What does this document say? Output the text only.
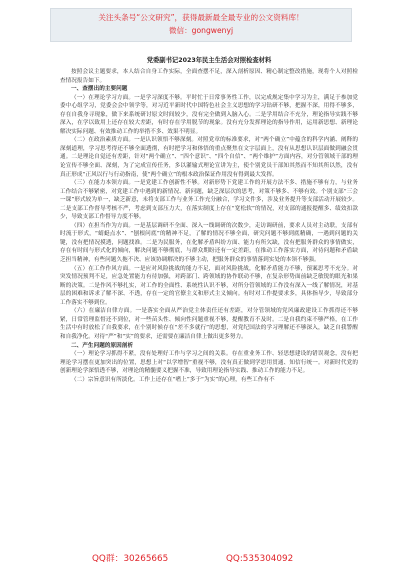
关注头条号“公文研究”，获得最新最全最专业的公文资料库！
微信：gongwenyj
党委副书记2023年民主生活会对照检查材料

按照会议主题要求，本人结合自身工作实际，全面查摆不足，深入剖析原因、精心制定整改措施，现将个人对照检查情况报告如下。

一、查摆出的主要问题

（一）在理论学习方面。一是学习深度不够。平时忙于日常事务性工作，以完成规定集中学习为主，满足于参加党委中心组学习，党委会会中领学等，对习近平新时代中国特色社会主义思想的学习钻研不够，把握不深，用得不够多，存在自我身寻现象，做下来系统研讨原文时间较少，没有完全做到入脑入心。二是学用结合不充分，理论指导实践不够深入，在学以致用上还存在较大差距，有时存在学用脱节的现象。没有充分发挥理论的指导作用，运用新思想、新理论解决实际问题、有效推动工作的举措不多、效果不明显。

（二）在政治素质方面。一是认识领悟不够深刻。对照党章的标准要求，对“两个确立”中蕴含的科学内涵、阐释的深刻道理，学习思考得还不够全面透彻，有时把学习和体悟的重点聚焦在文字层面上，没有从思想认识层面做到融会贯通。二是理论自觉还有差距，针对“两个确立”、“四个意识”、“四个自信”、“两个维护”方面内容，对分管领域干部的理论宣传不够全面、深刻，为了完成宣传任务，多以灌输式理论宣讲为主，使个别党员干部知其然而不知其所以然，没有真正形成“正风以行与行动指南，使“两个确立”的根本政治保证作用没有得到最大发挥。

（三）在能力本领方面。一是党建工作创新性不够。对新形势下党建工作的开展方法不多、措施不够有力，与业务工作结合不够紧密，对党建工作中遇到的新情况、新问题，缺乏深层次的思考，对策不够多、不够有效。个别支部“三会一课”形式较为单一，缺乏新意，未将支部工作与业务工作充分融合，学习文件多，涉及业务提升等支部活动开展较少。二是支部工作督导考核不严，考虑到支部压力大，在落实制度上存在“宽松软”的情况，对支部的通报提醒多、绩效扣款少，导致支部工作督导力度不够。

（四）在担当作为方面。一是基层调研不全面、深入一线调研的次数少，走访调研前，要求人员对主动联，支部有时流于形式，“蜻蜓点水”、“刨根问底”的精神不足，了解的情况不够全面，研究问题不够到底精确，一遇到问题的关键，没有把情况摸透，问题找准。二是为民服务，在化解矛盾纠纷方面、能力有所欠缺，没有把服务群众的事情做实，存在有时间与形式化的倾向，解决问题不够彻底，与群众期盼还有一定差距，在推动工作落实方面，对待问题和矛盾缺乏担当精神，有些问题久拖不决、应该协调解决的不够主动，把服务群众的事情落到实处的本领不够强。

（五）在工作作风方面。一是应对风险挑战的能力不足，面对风险挑战，化解矛盾能力不够，预案思考不充分。对突发情况预判不足，应急处置能力有待加强，对跨部门、跨领域的协作联动不够，在复杂形势面前缺乏敏锐的眼光和果断的决策。二是作风不够扎实，对工作的全面性、系统性认识不够，对所分管领域的工作没有深入一线了解情况，对基层的困难和诉求了解不深、不透，存在一定的官僚主义和形式主义倾向。有时对工作提要求多，具体指导少，导致部分工作落实不够到位。

（六）在廉洁自律方面。一是落实全面从严治党主体责任还有差距，对分管领域的党风廉政建设工作抓得还不够紧，日常管理监督还不到位，对一些苗头性、倾向性问题重视不够，提醒教育不及时。二是自我约束不够严格，在工作生活中有时放松了自我要求，在个别时候存在“差不多就行”的思想，对党纪国法的学习理解还不够深入，缺乏自我警醒和自我净化。对待“严”和“实”的要求，还需要在廉洁自律上做出更多努力。

二、产生问题的原因剖析

（一）理论学习抓得不紧，没有处理好工作与学习之间的关系。存在重业务工作、轻思想建设的错误观念，没有把理论学习摆在更加突出的位置，思想上对“以学增智”重视不够，没有真正做到学思用贯通、知信行统一。对新时代党的创新理论学深悟透不够，对理论的精髓要义把握不准，导致用理论指导实践、推动工作的能力不足。

（二）宗旨意识有所淡化。工作上还存在“嗜上”多于“为实”的心理，有些工作有不

QQ群：30265665	QQ:535304092
